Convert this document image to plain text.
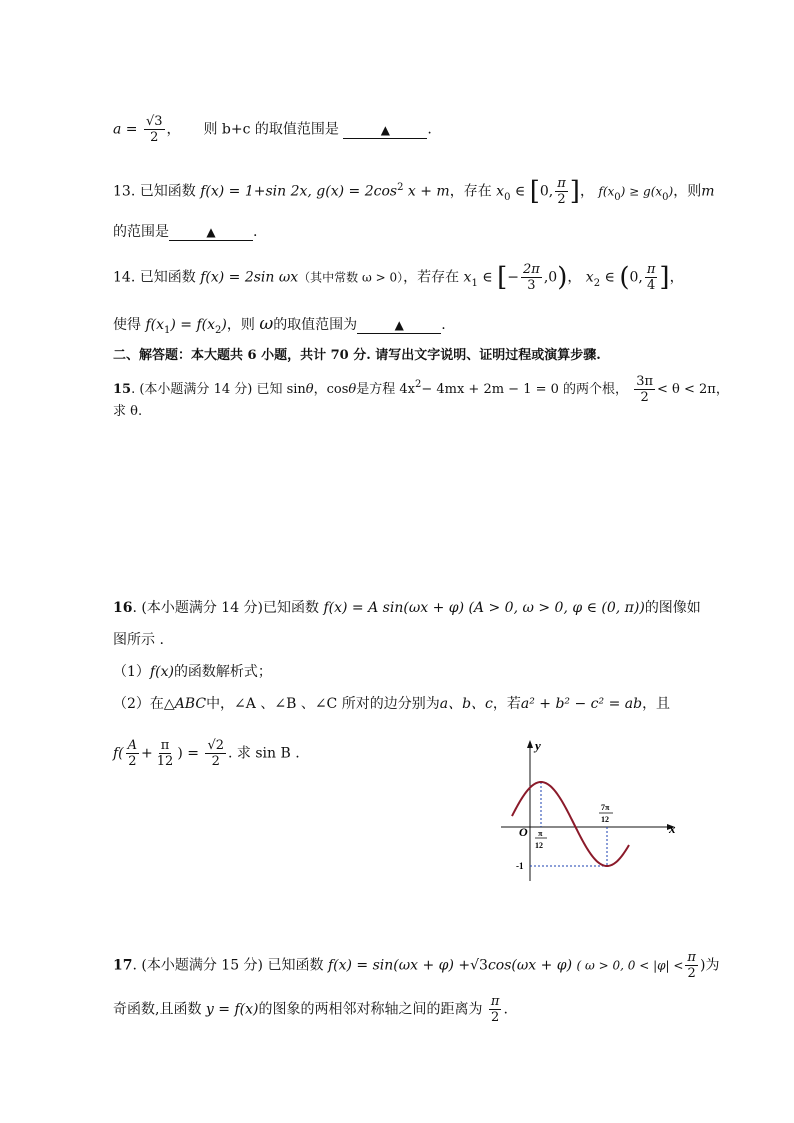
$a = \frac{√3}{2}$ ， 则 b+c 的取值范围是	▲	.
13. 已知函数 f(x) = 1+sin 2x, $g(x) = 2\cos^2$ x + m，存在 $x_0$ ∈ [0, $\frac{\pi}{2}$ ]， $f(x_0) \ge g(x_0)$，则m
的范围是	▲	.
14. 已知函数 f(x) = 2sin ωx（其中常数 ω > 0），若存在 $x_1$ ∈ [− $\frac{2\pi}{3} ,0$)， $x_2$ ∈ (0, $\frac{\pi}{4}$ ]，
使得 $f(x_1) = f(x_2)$，则 ω的取值范围为	▲	.
二、解答题：本大题共 6 小题，共计 70 分. 请写出文字说明、证明过程或演算步骤.
15. (本小题满分 14 分) 已知 sinθ，cosθ是方程 $4x^2- 4mx + 2m - 1 = 0$ 的两个根， $\frac{3\pi}{2} < \theta < 2\pi$，
求 θ.
16. (本小题满分 14 分)已知函数 f(x) = A sin(ωx + φ) (A > 0, ω > 0, φ ∈ (0, π))的图像如
图所示 .
（1）f(x)的函数解析式；
（2）在△ABC中，∠A 、∠B 、∠C 所对的边分别为a、b、c，若a² + b² − c² = ab，且
$f( \frac{A}{2} + \frac{\pi}{12}$ ) = $\frac{√2}{2}$ . 求 sin B .	y
x
O π
12
7π
12
-1
17. (本小题满分 15 分) 已知函数 f(x) = sin(ωx + φ) +√3cos(ωx + φ) ( ω > 0, $0 < |\varphi| < \frac{\pi}{2}$ )为
奇函数,且函数 y = f(x)的图象的两相邻对称轴之间的距离为 $\frac{\pi}{2}$ .
